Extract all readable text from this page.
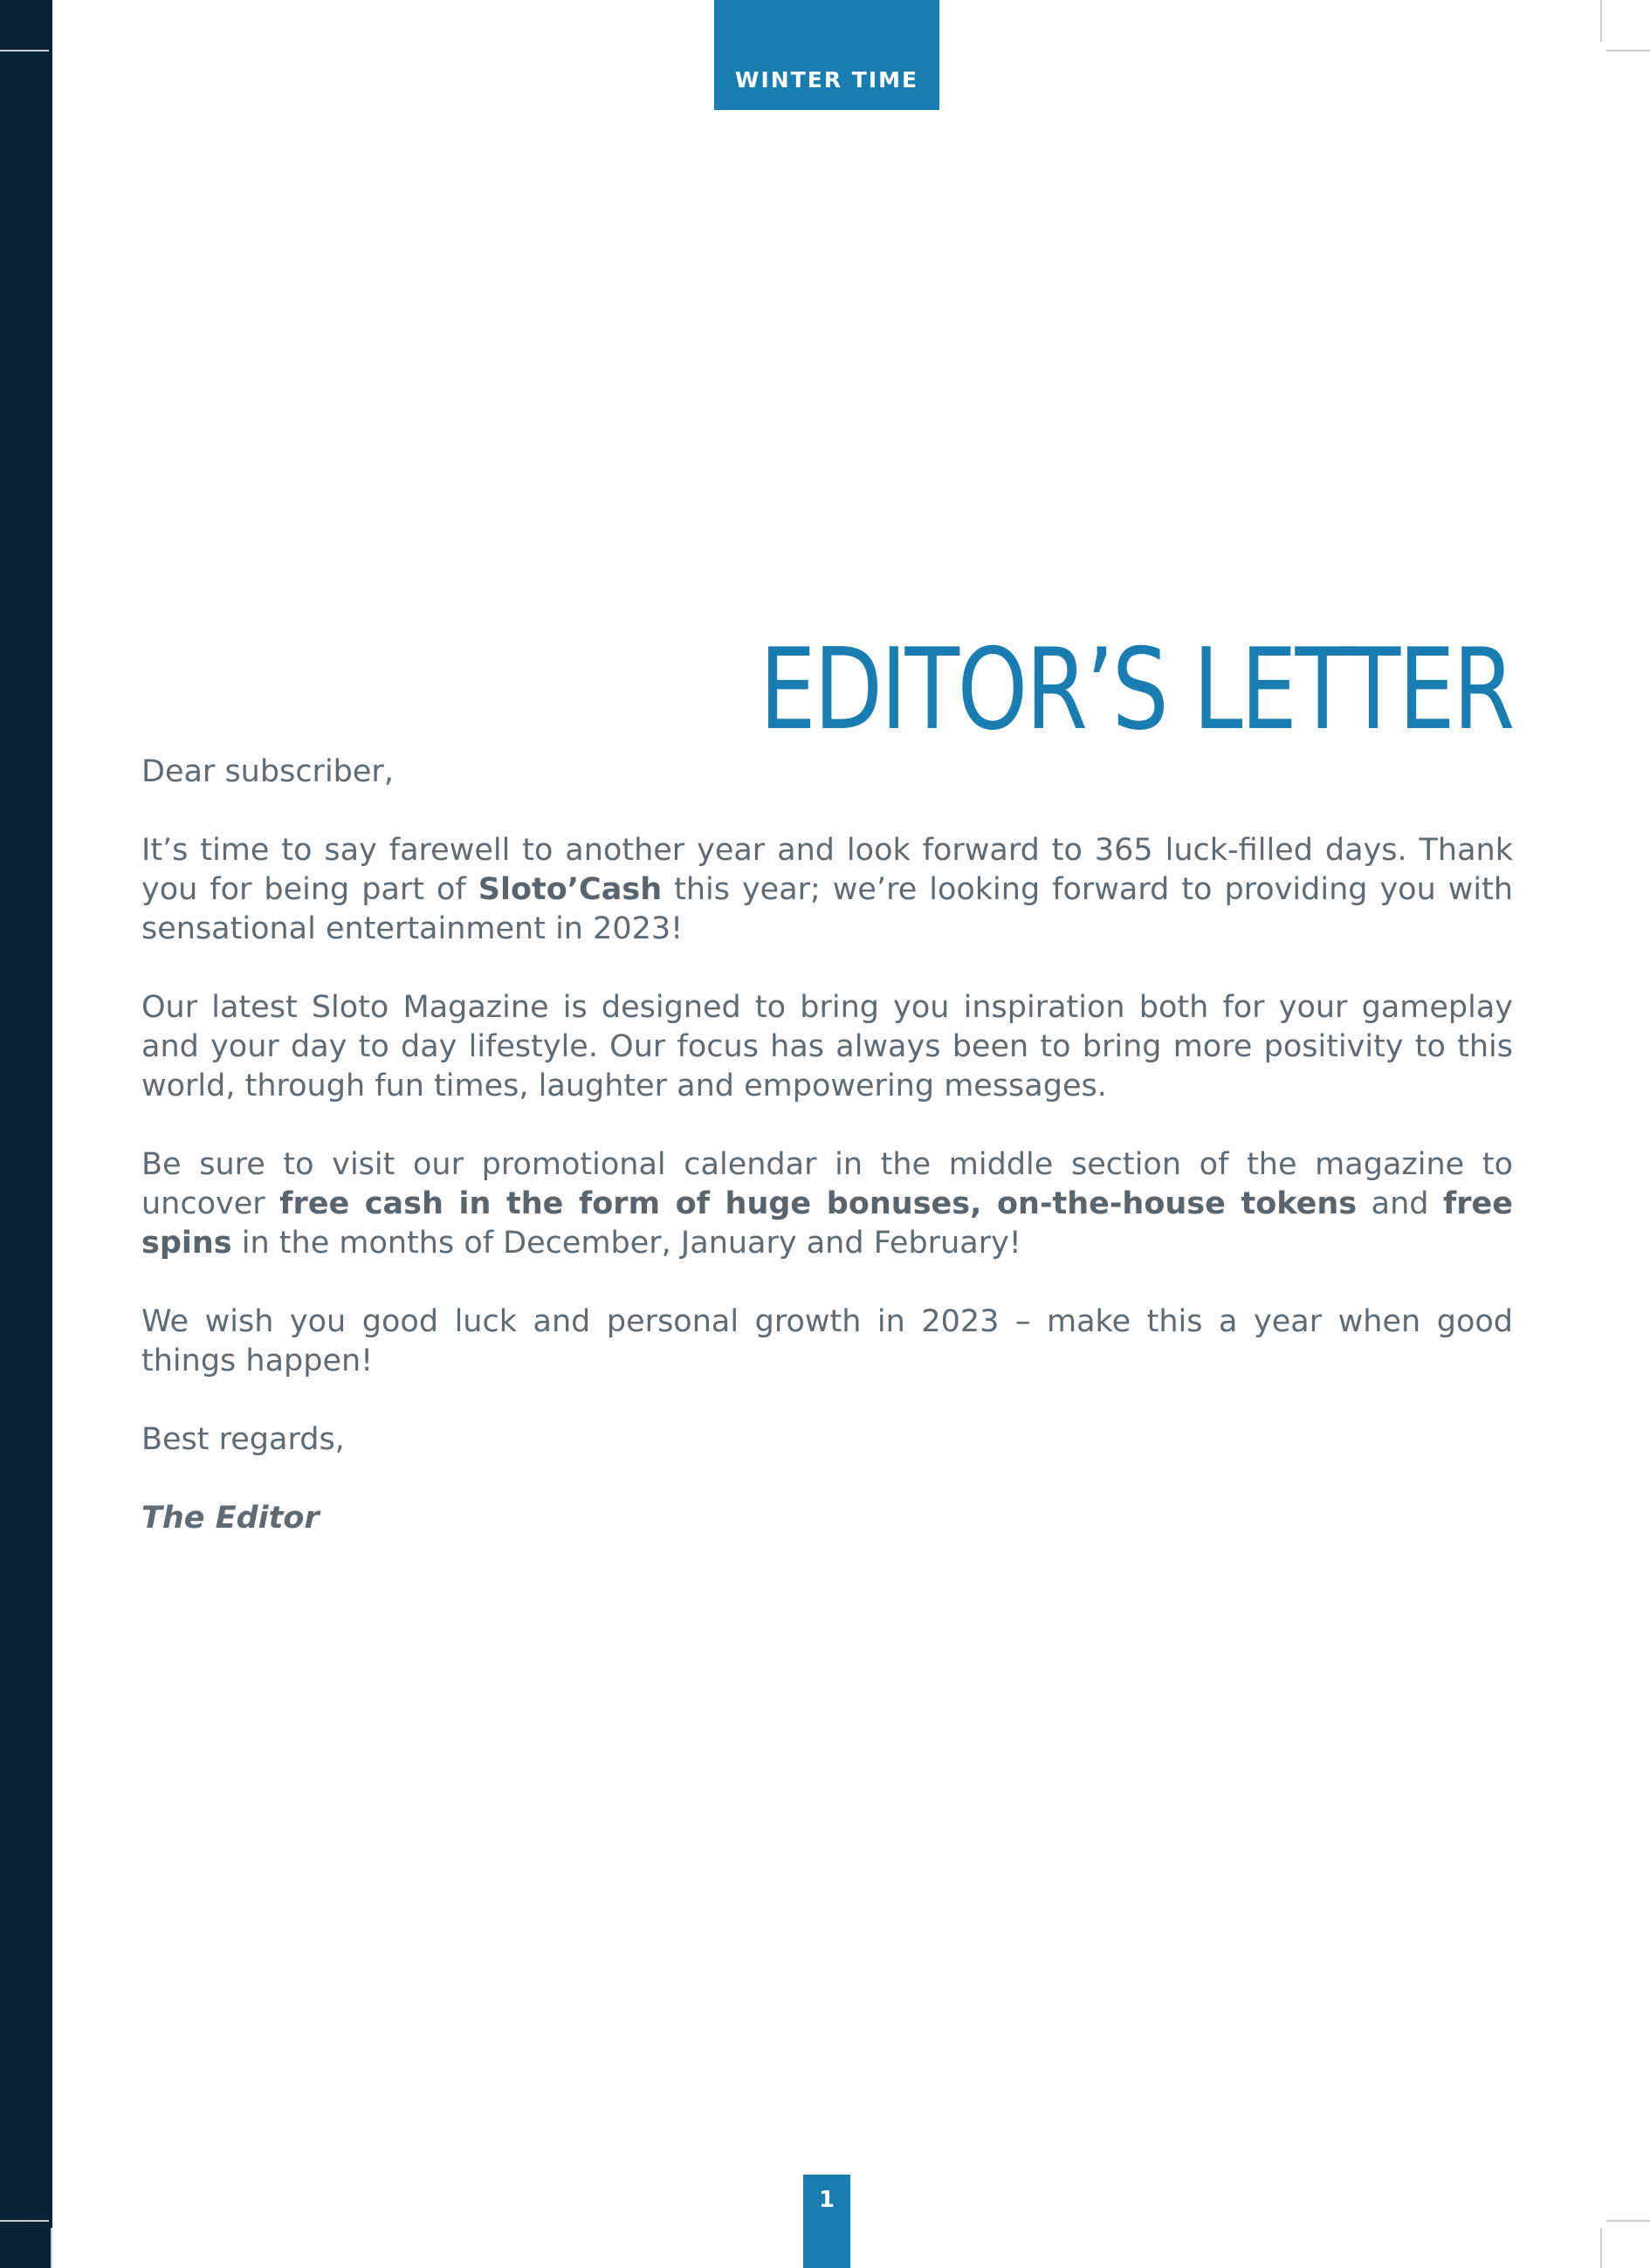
WINTER TIME
EDITOR’S LETTER

Dear subscriber,

It’s time to say farewell to another year and look forward to 365 luck-filled days. Thank you for being part of Sloto’Cash this year; we’re looking forward to providing you with sensational entertainment in 2023!

Our latest Sloto Magazine is designed to bring you inspiration both for your gameplay and your day to day lifestyle. Our focus has always been to bring more positivity to this world, through fun times, laughter and empowering messages.

Be sure to visit our promotional calendar in the middle section of the magazine to uncover free cash in the form of huge bonuses, on-the-house tokens and free spins in the months of December, January and February!

We wish you good luck and personal growth in 2023 – make this a year when good things happen!

Best regards,

The Editor

1
